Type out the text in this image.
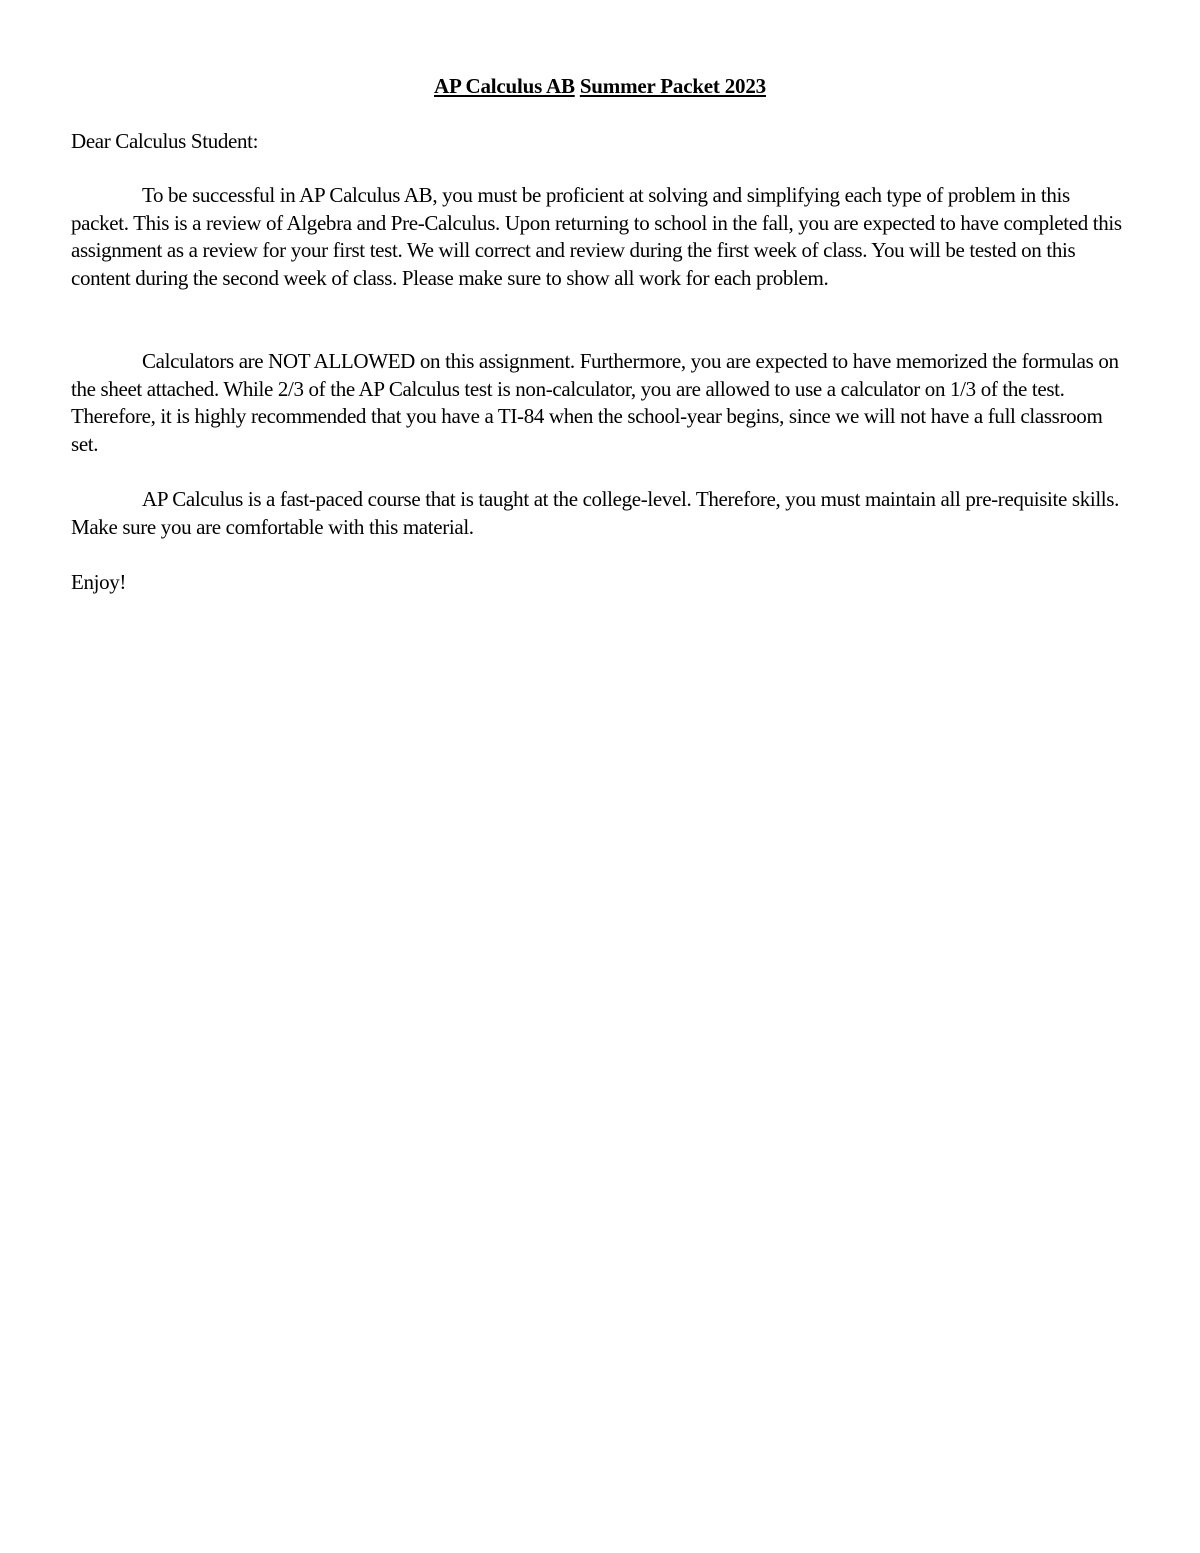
AP Calculus AB Summer Packet 2023
Dear Calculus Student:
To be successful in AP Calculus AB, you must be proficient at solving and simplifying each type of problem in this packet. This is a review of Algebra and Pre-Calculus. Upon returning to school in the fall, you are expected to have completed this assignment as a review for your first test. We will correct and review during the first week of class. You will be tested on this content during the second week of class. Please make sure to show all work for each problem.
Calculators are NOT ALLOWED on this assignment. Furthermore, you are expected to have memorized the formulas on the sheet attached. While 2/3 of the AP Calculus test is non-calculator, you are allowed to use a calculator on 1/3 of the test. Therefore, it is highly recommended that you have a TI-84 when the school-year begins, since we will not have a full classroom set.
AP Calculus is a fast-paced course that is taught at the college-level. Therefore, you must maintain all pre-requisite skills. Make sure you are comfortable with this material.
Enjoy!
